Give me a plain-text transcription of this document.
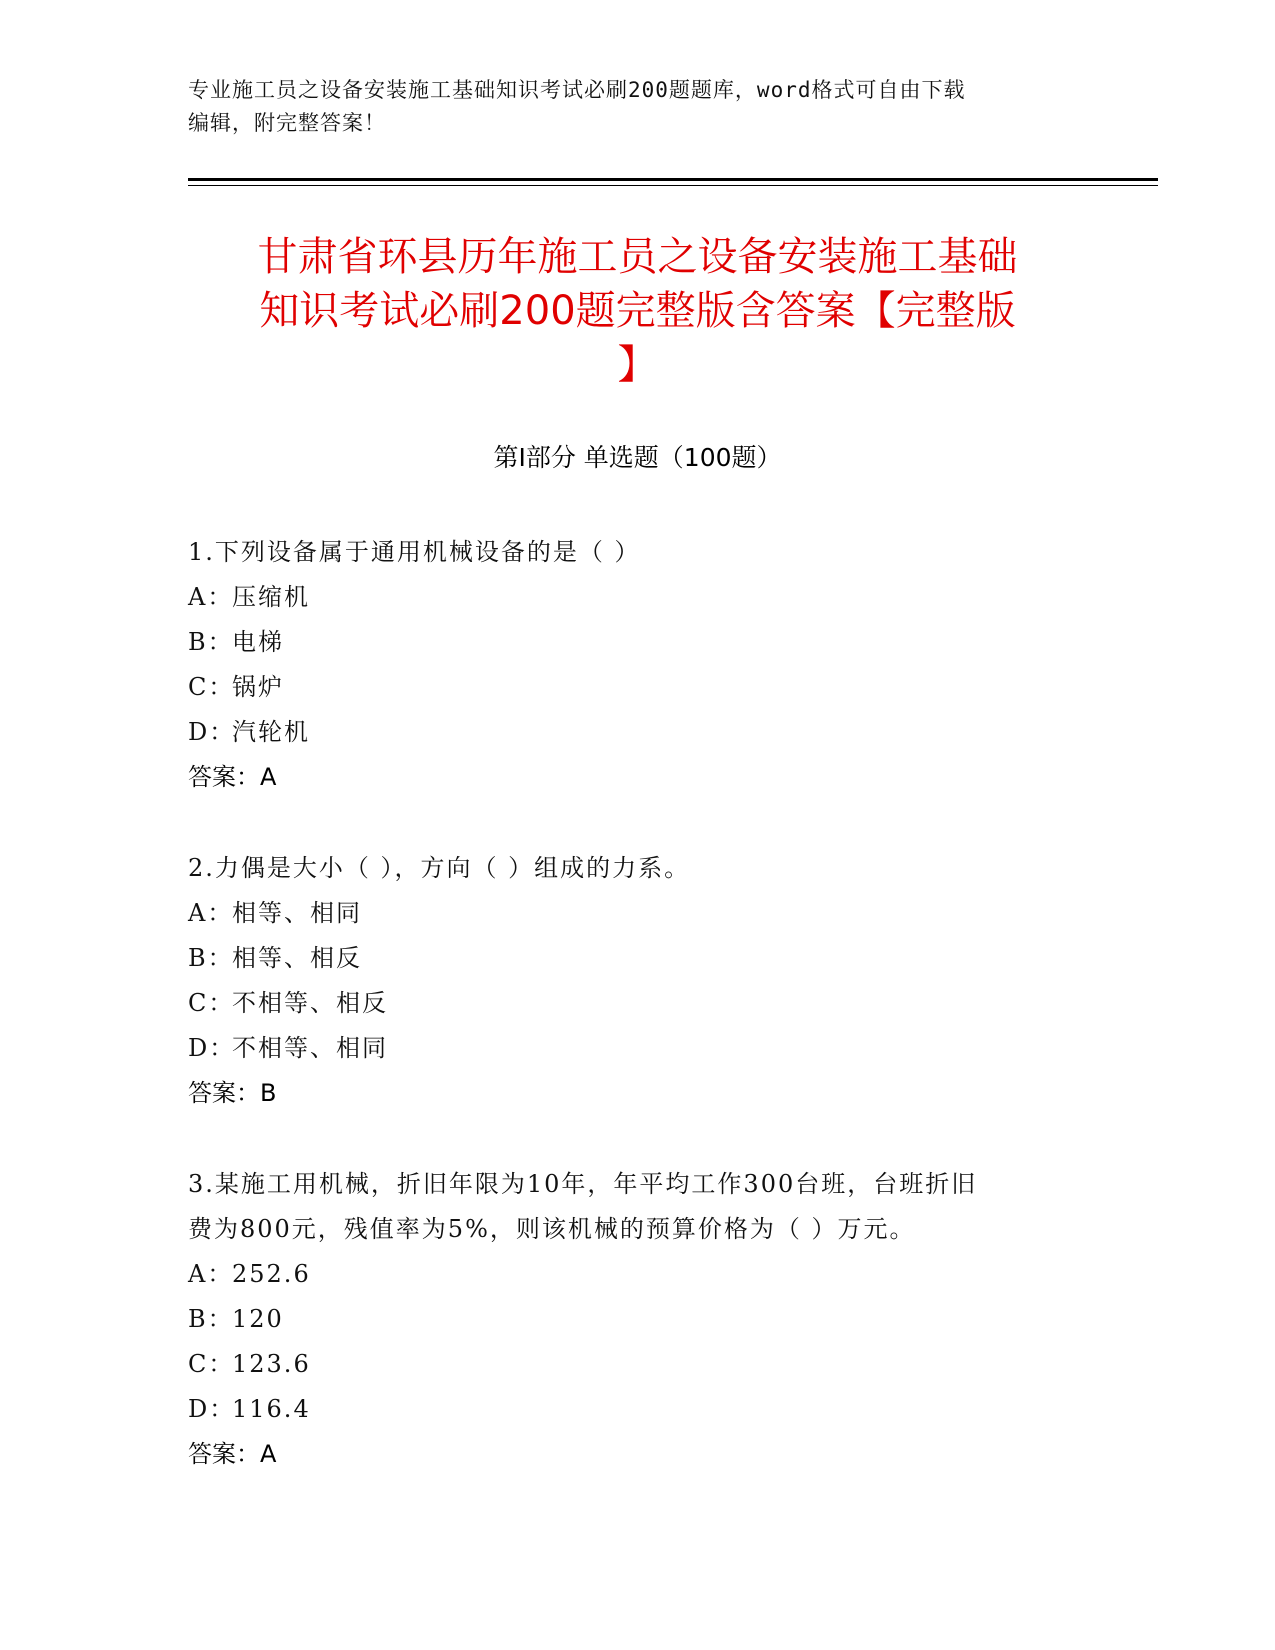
专业施工员之设备安装施工基础知识考试必刷200题题库，word格式可自由下载
编辑，附完整答案！
甘肃省环县历年施工员之设备安装施工基础
知识考试必刷200题完整版含答案【完整版
】
第Ⅰ部分 单选题（100题）
1.下列设备属于通用机械设备的是（ ）
A：压缩机
B：电梯
C：锅炉
D：汽轮机
答案：A
2.力偶是大小（ ），方向（ ）组成的力系。
A：相等、相同
B：相等、相反
C：不相等、相反
D：不相等、相同
答案：B
3.某施工用机械，折旧年限为10年，年平均工作300台班，台班折旧
费为800元，残值率为5%，则该机械的预算价格为（ ）万元。
A：252.6
B：120
C：123.6
D：116.4
答案：A
